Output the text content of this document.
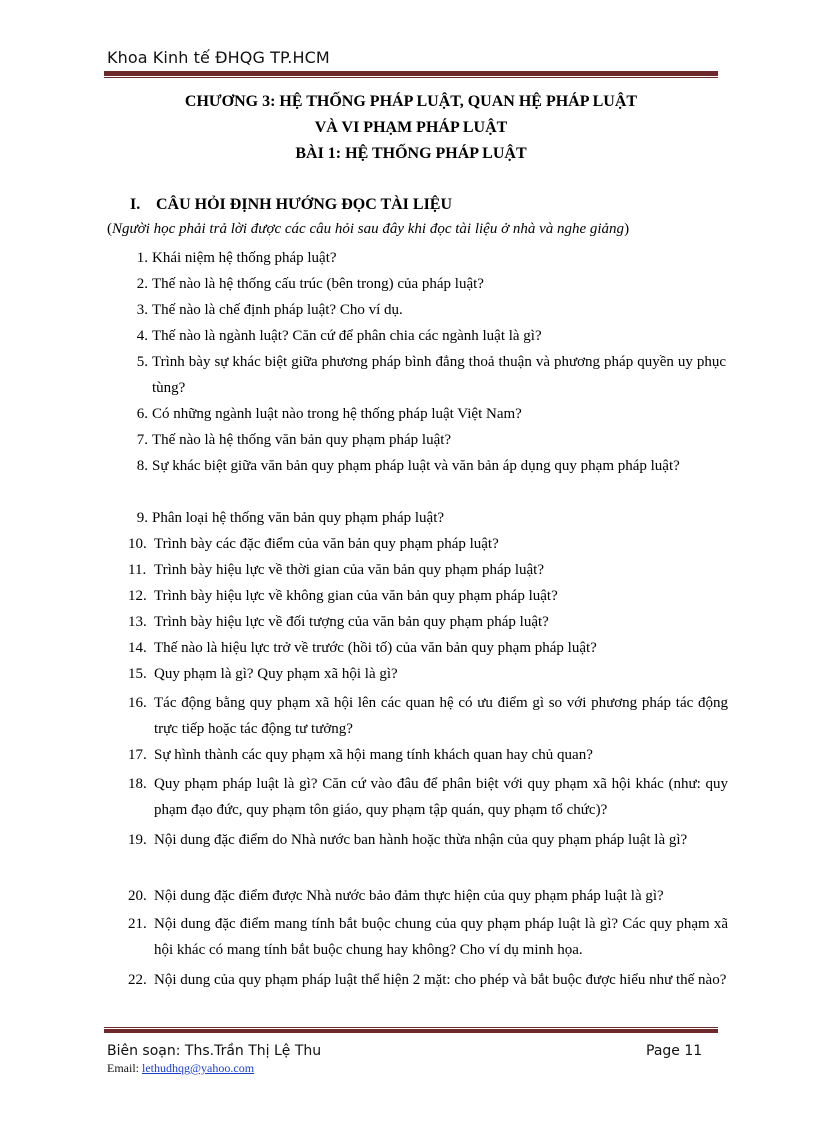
Khoa Kinh tế ĐHQG TP.HCM
CHƯƠNG 3: HỆ THỐNG PHÁP LUẬT, QUAN HỆ PHÁP LUẬT
VÀ VI PHẠM PHÁP LUẬT
BÀI 1: HỆ THỐNG PHÁP LUẬT
I. CÂU HỎI ĐỊNH HƯỚNG ĐỌC TÀI LIỆU
(Người học phải trả lời được các câu hỏi sau đây khi đọc tài liệu ở nhà và nghe giảng)
1. Khái niệm hệ thống pháp luật?
2. Thế nào là hệ thống cấu trúc (bên trong) của pháp luật?
3. Thế nào là chế định pháp luật? Cho ví dụ.
4. Thế nào là ngành luật? Căn cứ để phân chia các ngành luật là gì?
5. Trình bày sự khác biệt giữa phương pháp bình đẳng thoả thuận và phương pháp quyền uy phục tùng?
6. Có những ngành luật nào trong hệ thống pháp luật Việt Nam?
7. Thế nào là hệ thống văn bản quy phạm pháp luật?
8. Sự khác biệt giữa văn bản quy phạm pháp luật và văn bản áp dụng quy phạm pháp luật?
9. Phân loại hệ thống văn bản quy phạm pháp luật?
10. Trình bày các đặc điểm của văn bản quy phạm pháp luật?
11. Trình bày hiệu lực về thời gian của văn bản quy phạm pháp luật?
12. Trình bày hiệu lực về không gian của văn bản quy phạm pháp luật?
13. Trình bày hiệu lực về đối tượng của văn bản quy phạm pháp luật?
14. Thế nào là hiệu lực trở về trước (hồi tố) của văn bản quy phạm pháp luật?
15. Quy phạm là gì? Quy phạm xã hội là gì?
16. Tác động bằng quy phạm xã hội lên các quan hệ có ưu điểm gì so với phương pháp tác động trực tiếp hoặc tác động tư tưởng?
17. Sự hình thành các quy phạm xã hội mang tính khách quan hay chủ quan?
18. Quy phạm pháp luật là gì? Căn cứ vào đâu để phân biệt với quy phạm xã hội khác (như: quy phạm đạo đức, quy phạm tôn giáo, quy phạm tập quán, quy phạm tổ chức)?
19. Nội dung đặc điểm do Nhà nước ban hành hoặc thừa nhận của quy phạm pháp luật là gì?
20. Nội dung đặc điểm được Nhà nước bảo đảm thực hiện của quy phạm pháp luật là gì?
21. Nội dung đặc điểm mang tính bắt buộc chung của quy phạm pháp luật là gì? Các quy phạm xã hội khác có mang tính bắt buộc chung hay không? Cho ví dụ minh họa.
22. Nội dung của quy phạm pháp luật thể hiện 2 mặt: cho phép và bắt buộc được hiểu như thế nào?
Biên soạn: Ths.Trần Thị Lệ Thu	Page 11
Email: lethudhqg@yahoo.com
